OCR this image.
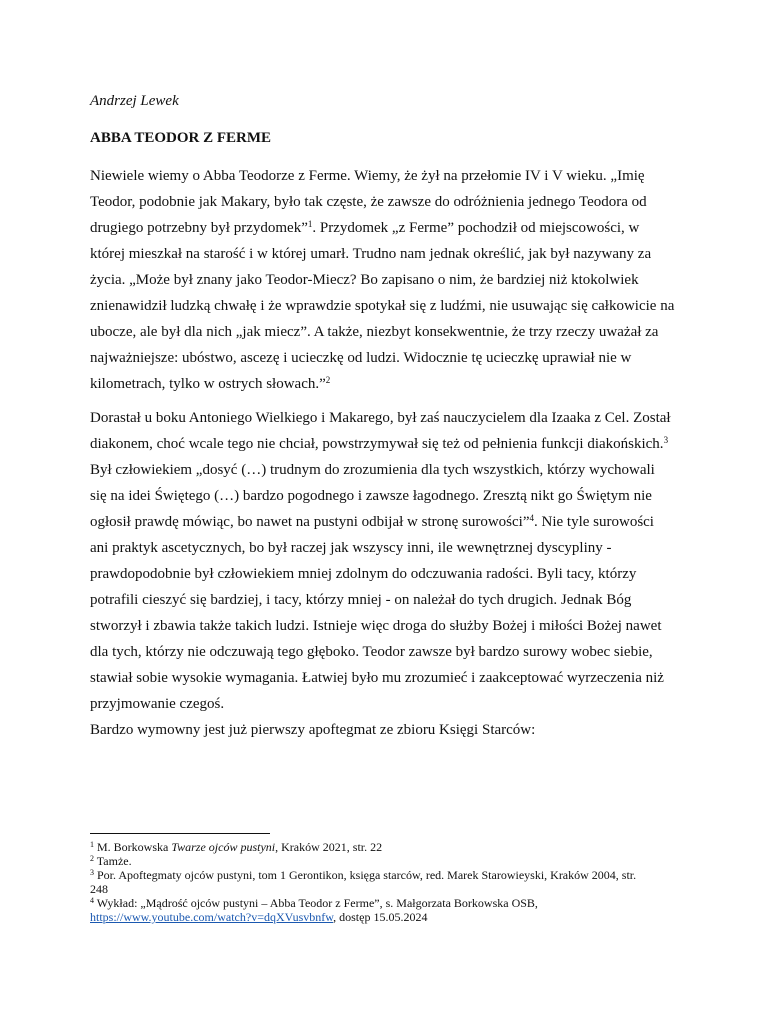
Andrzej Lewek

ABBA TEODOR Z FERME

Niewiele wiemy o Abba Teodorze z Ferme. Wiemy, że żył na przełomie IV i V wieku. „Imię
Teodor, podobnie jak Makary, było tak częste, że zawsze do odróżnienia jednego Teodora od
drugiego potrzebny był przydomek”$^1$. Przydomek „z Ferme” pochodził od miejscowości, w
której mieszkał na starość i w której umarł. Trudno nam jednak określić, jak był nazywany za
życia. „Może był znany jako Teodor-Miecz? Bo zapisano o nim, że bardziej niż ktokolwiek
znienawidził ludzką chwałę i że wprawdzie spotykał się z ludźmi, nie usuwając się całkowicie na
ubocze, ale był dla nich „jak miecz”. A także, niezbyt konsekwentnie, że trzy rzeczy uważał za
najważniejsze: ubóstwo, ascezę i ucieczkę od ludzi. Widocznie tę ucieczkę uprawiał nie w
kilometrach, tylko w ostrych słowach.”$^2$
Dorastał u boku Antoniego Wielkiego i Makarego, był zaś nauczycielem dla Izaaka z Cel. Został
diakonem, choć wcale tego nie chciał, powstrzymywał się też od pełnienia funkcji diakońskich.$^3$
Był człowiekiem „dosyć (…) trudnym do zrozumienia dla tych wszystkich, którzy wychowali
się na idei Świętego (…) bardzo pogodnego i zawsze łagodnego. Zresztą nikt go Świętym nie
ogłosił prawdę mówiąc, bo nawet na pustyni odbijał w stronę surowości”$^4$. Nie tyle surowości
ani praktyk ascetycznych, bo był raczej jak wszyscy inni, ile wewnętrznej dyscypliny -
prawdopodobnie był człowiekiem mniej zdolnym do odczuwania radości. Byli tacy, którzy
potrafili cieszyć się bardziej, i tacy, którzy mniej - on należał do tych drugich. Jednak Bóg
stworzył i zbawia także takich ludzi. Istnieje więc droga do służby Bożej i miłości Bożej nawet
dla tych, którzy nie odczuwają tego głęboko. Teodor zawsze był bardzo surowy wobec siebie,
stawiał sobie wysokie wymagania. Łatwiej było mu zrozumieć i zaakceptować wyrzeczenia niż
przyjmowanie czegoś.
Bardzo wymowny jest już pierwszy apoftegmat ze zbioru Księgi Starców:
$^1$ M. Borkowska Twarze ojców pustyni, Kraków 2021, str. 22
$^2$ Tamże.
$^3$ Por. Apoftegmaty ojców pustyni, tom 1 Gerontikon, księga starców, red. Marek Starowieyski, Kraków 2004, str.
248
$^4$ Wykład: „Mądrość ojców pustyni – Abba Teodor z Ferme”, s. Małgorzata Borkowska OSB,
https://www.youtube.com/watch?v=dqXVusvbnfw, dostęp 15.05.2024
